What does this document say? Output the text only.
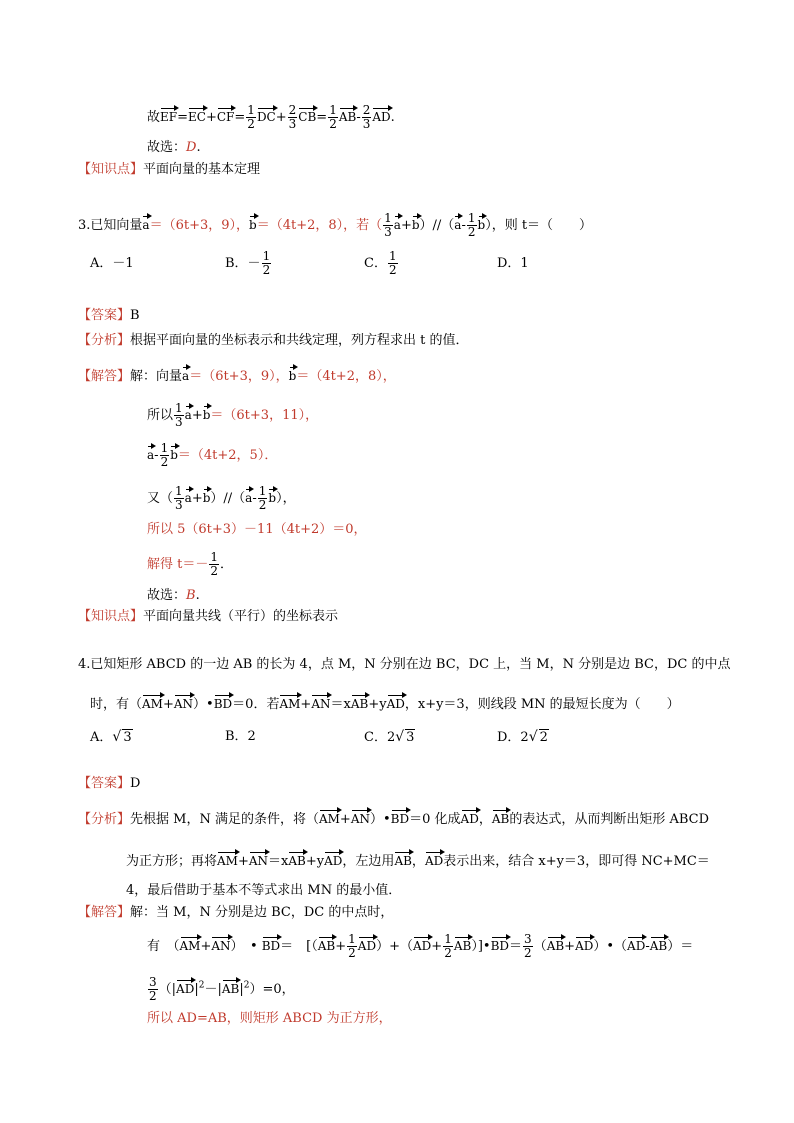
故$EF=EC+CF= \frac{1}{2} DC+ \frac{2}{3} CB= \frac{1}{2} AB- \frac{2}{3}$ AD.
故选：D.
【知识点】平面向量的基本定理
3.已知向量a＝（6t+3，9），b＝（4t+2，8），若（ $\frac{1}{3} a+b)//(a- \frac{1}{2} b)$，则 t＝（　　）
A．－1	B．－ $\frac{1}{2}$	C． $\frac{1}{2}$	D．1
【答案】B
【分析】根据平面向量的坐标表示和共线定理，列方程求出 t 的值．
【解答】解：向量a＝（6t+3，9），b＝（4t+2，8），
所以 $\frac{1}{3} a+b=(6t+3$，11），
$a- \frac{1}{2} b=(4t+2$，5）．
又（ $\frac{1}{3} a+b)//(a- \frac{1}{2} b)$，
所以 5（6t+3）－11（4t+2）＝0，
解得 $t=- \frac{1}{2}$ ．
故选：B.
【知识点】平面向量共线（平行）的坐标表示
4.已知矩形 ABCD 的一边 AB 的长为 4，点 M，N 分别在边 BC，DC 上，当 M，N 分别是边 BC，DC 的中点
时，有（AM+AN）•BD＝0．若AM+AN＝xAB+yAD，x+y＝3，则线段 MN 的最短长度为（　　）
A．√ 3	B．2	C．2√ 3	D．2√ 2
【答案】D
【分析】先根据 M，N 满足的条件，将（AM+AN）•BD＝0 化成AD，AB的表达式，从而判断出矩形 ABCD
为正方形；再将AM+AN＝xAB+yAD，左边用AB，AD表示出来，结合 x+y＝3，即可得 NC+MC＝
4，最后借助于基本不等式求出 MN 的最小值．
【解答】解：当 M，N 分别是边 BC，DC 的中点时，
有　（AM+AN）　• BD＝　[$(AB+ \frac{1}{2} AD)+(AD+ \frac{1}{2}$ AB）]•BD＝ $\frac{3}{2}$ （AB+AD）•（AD-AB）＝
$\frac{3}{2} (|AD|^2-|AB|^2)=0$，
所以 AD=AB，则矩形 ABCD 为正方形，
